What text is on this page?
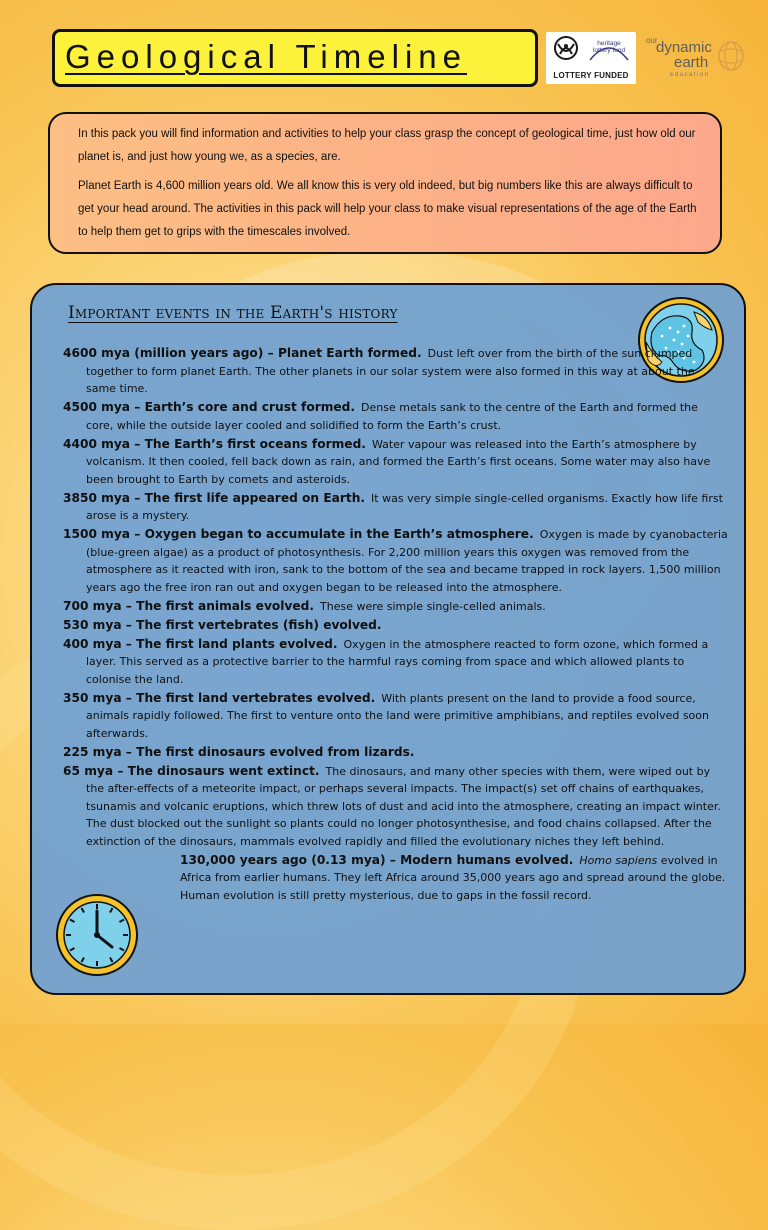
Geological Timeline	heritage
lottery fund
LOTTERY FUNDED
our
dynamic
earth
education

In this pack you will find information and activities to help your class grasp the concept of geological time, just how old our planet is, and just how young we, as a species, are.

Planet Earth is 4,600 million years old. We all know this is very old indeed, but big numbers like this are always difficult to get your head around. The activities in this pack will help your class to make visual representations of the age of the Earth to help them get to grips with the timescales involved.

Important events in the Earth's history

4600 mya (million years ago) – Planet Earth formed. Dust left over from the birth of the sun clumped together to form planet Earth. The other planets in our solar system were also formed in this way at about the same time.

4500 mya – Earth’s core and crust formed. Dense metals sank to the centre of the Earth and formed the core, while the outside layer cooled and solidified to form the Earth’s crust.

4400 mya – The Earth’s first oceans formed. Water vapour was released into the Earth’s atmosphere by volcanism. It then cooled, fell back down as rain, and formed the Earth’s first oceans. Some water may also have been brought to Earth by comets and asteroids.

3850 mya – The first life appeared on Earth. It was very simple single-celled organisms. Exactly how life first arose is a mystery.

1500 mya – Oxygen began to accumulate in the Earth’s atmosphere. Oxygen is made by cyanobacteria (blue-green algae) as a product of photosynthesis. For 2,200 million years this oxygen was removed from the atmosphere as it reacted with iron, sank to the bottom of the sea and became trapped in rock layers. 1,500 million years ago the free iron ran out and oxygen began to be released into the atmosphere.

700 mya – The first animals evolved. These were simple single-celled animals.

530 mya – The first vertebrates (fish) evolved.

400 mya – The first land plants evolved. Oxygen in the atmosphere reacted to form ozone, which formed a layer. This served as a protective barrier to the harmful rays coming from space and which allowed plants to colonise the land.

350 mya – The first land vertebrates evolved. With plants present on the land to provide a food source, animals rapidly followed. The first to venture onto the land were primitive amphibians, and reptiles evolved soon afterwards.

225 mya – The first dinosaurs evolved from lizards.

65 mya – The dinosaurs went extinct. The dinosaurs, and many other species with them, were wiped out by the after-effects of a meteorite impact, or perhaps several impacts. The impact(s) set off chains of earthquakes, tsunamis and volcanic eruptions, which threw lots of dust and acid into the atmosphere, creating an impact winter. The dust blocked out the sunlight so plants could no longer photosynthesise, and food chains collapsed. After the extinction of the dinosaurs, mammals evolved rapidly and filled the evolutionary niches they left behind.

130,000 years ago (0.13 mya) – Modern humans evolved. Homo sapiens evolved in Africa from earlier humans. They left Africa around 35,000 years ago and spread around the globe. Human evolution is still pretty mysterious, due to gaps in the fossil record.
